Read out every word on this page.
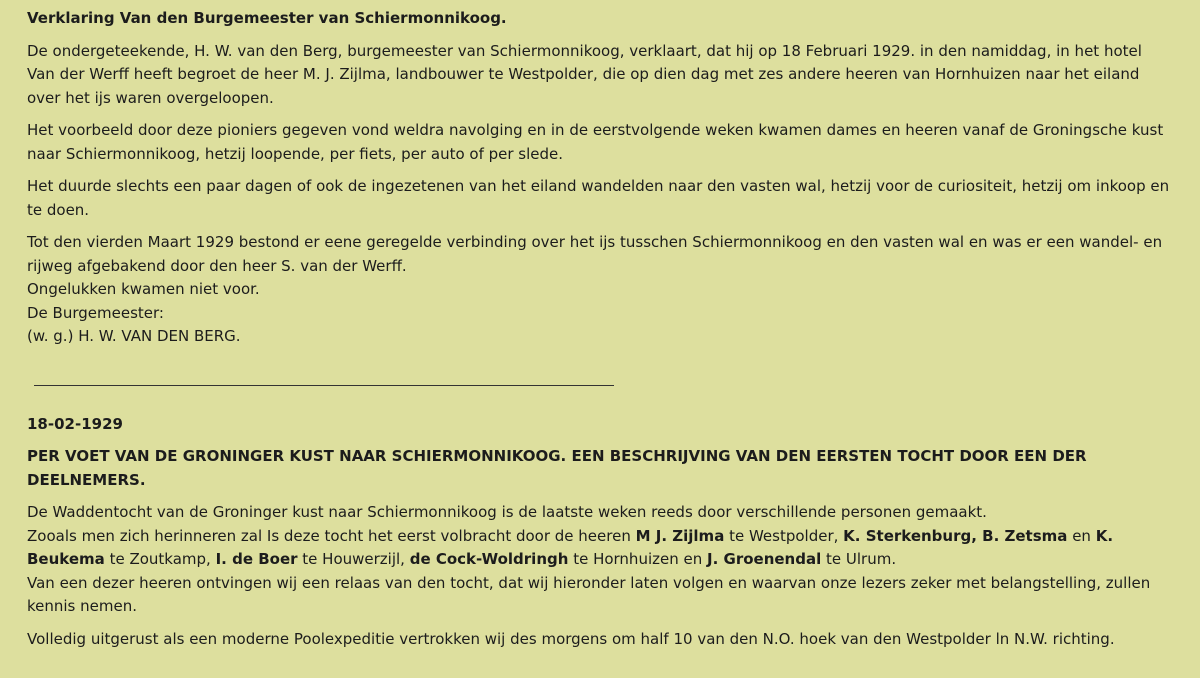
Verklaring Van den Burgemeester van Schiermonnikoog.

De ondergeteekende, H. W. van den Berg, burgemeester van Schiermonnikoog, verklaart, dat hij op 18 Februari 1929. in den namiddag, in het hotel Van der Werff heeft begroet de heer M. J. Zijlma, landbouwer te Westpolder, die op dien dag met zes andere heeren van Hornhuizen naar het eiland over het ijs waren overgeloopen.

Het voorbeeld door deze pioniers gegeven vond weldra navolging en in de eerstvolgende weken kwamen dames en heeren vanaf de Groningsche kust naar Schiermonnikoog, hetzij loopende, per fiets, per auto of per slede.

Het duurde slechts een paar dagen of ook de ingezetenen van het eiland wandelden naar den vasten wal, hetzij voor de curiositeit, hetzij om inkoop en te doen.

Tot den vierden Maart 1929 bestond er eene geregelde verbinding over het ijs tusschen Schiermonnikoog en den vasten wal en was er een wandel- en rijweg afgebakend door den heer S. van der Werff.
Ongelukken kwamen niet voor.
De Burgemeester:
(w. g.) H. W. VAN DEN BERG.

18-02-1929

PER VOET VAN DE GRONINGER KUST NAAR SCHIERMONNIKOOG. EEN BESCHRIJVING VAN DEN EERSTEN TOCHT DOOR EEN DER DEELNEMERS.

De Waddentocht van de Groninger kust naar Schiermonnikoog is de laatste weken reeds door verschillende personen gemaakt.
Zooals men zich herinneren zal Is deze tocht het eerst volbracht door de heeren M J. Zijlma te Westpolder, K. Sterkenburg, B. Zetsma en K. Beukema te Zoutkamp, I. de Boer te Houwerzijl, de Cock-Woldringh te Hornhuizen en J. Groenendal te Ulrum.
Van een dezer heeren ontvingen wij een relaas van den tocht, dat wij hieronder laten volgen en waarvan onze lezers zeker met belangstelling, zullen kennis nemen.

Volledig uitgerust als een moderne Poolexpeditie vertrokken wij des morgens om half 10 van den N.O. hoek van den Westpolder ln N.W. richting.
